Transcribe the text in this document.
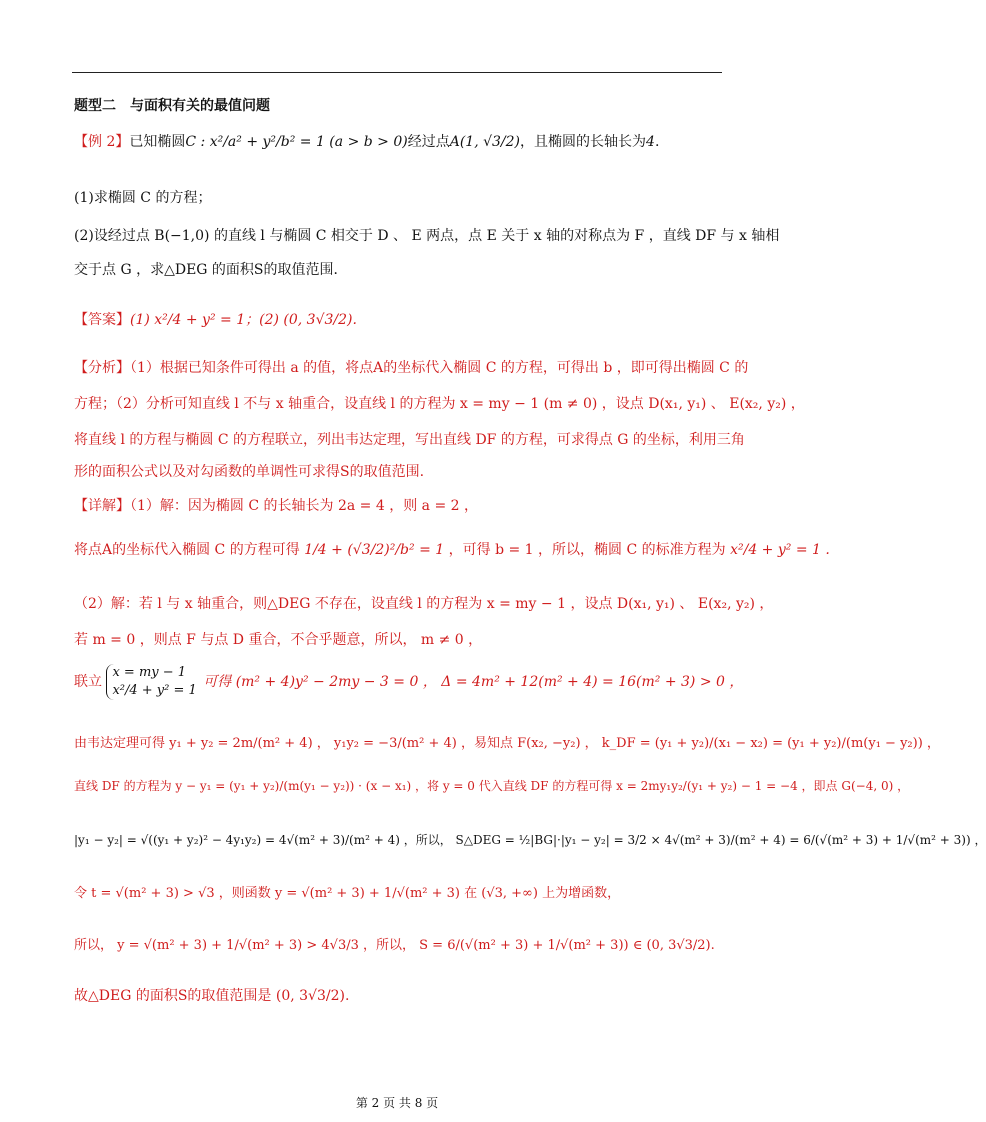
题型二　与面积有关的最值问题
【例 2】已知椭圆C : x²/a² + y²/b² = 1 (a > b > 0)经过点A(1, √3/2)，且椭圆的长轴长为4.
(1)求椭圆 C 的方程；
(2)设经过点 B(−1,0) 的直线 l 与椭圆 C 相交于 D 、 E 两点，点 E 关于 x 轴的对称点为 F ，直线 DF 与 x 轴相
交于点 G ，求△DEG 的面积S的取值范围．
【答案】(1) x²/4 + y² = 1；(2) (0, 3√3/2).
【分析】（1）根据已知条件可得出 a 的值，将点A的坐标代入椭圆 C 的方程，可得出 b ，即可得出椭圆 C 的
方程；（2）分析可知直线 l 不与 x 轴重合，设直线 l 的方程为 x = my − 1 (m ≠ 0) ，设点 D(x₁, y₁) 、 E(x₂, y₂) ，
将直线 l 的方程与椭圆 C 的方程联立，列出韦达定理，写出直线 DF 的方程，可求得点 G 的坐标，利用三角
形的面积公式以及对勾函数的单调性可求得S的取值范围.
【详解】（1）解：因为椭圆 C 的长轴长为 2a = 4 ，则 a = 2 ，
将点A的坐标代入椭圆 C 的方程可得 1/4 + (√3/2)²/b² = 1 ，可得 b = 1 ，所以，椭圆 C 的标准方程为 x²/4 + y² = 1 .
（2）解：若 l 与 x 轴重合，则△DEG 不存在，设直线 l 的方程为 x = my − 1 ，设点 D(x₁, y₁) 、 E(x₂, y₂) ，
若 m = 0 ，则点 F 与点 D 重合，不合乎题意，所以， m ≠ 0 ，
联立
x = my − 1
x²/4 + y² = 1
可得 (m² + 4)y² − 2my − 3 = 0 ， Δ = 4m² + 12(m² + 4) = 16(m² + 3) > 0 ，
由韦达定理可得 y₁ + y₂ = 2m/(m² + 4) ， y₁y₂ = −3/(m² + 4) ，易知点 F(x₂, −y₂) ， k_DF = (y₁ + y₂)/(x₁ − x₂) = (y₁ + y₂)/(m(y₁ − y₂)) ，
直线 DF 的方程为 y − y₁ = (y₁ + y₂)/(m(y₁ − y₂)) · (x − x₁) ，将 y = 0 代入直线 DF 的方程可得 x = 2my₁y₂/(y₁ + y₂) − 1 = −4 ，即点 G(−4, 0) ，
|y₁ − y₂| = √((y₁ + y₂)² − 4y₁y₂) = 4√(m² + 3)/(m² + 4) ，所以， S△DEG = ½|BG|·|y₁ − y₂| = 3/2 × 4√(m² + 3)/(m² + 4) = 6/(√(m² + 3) + 1/√(m² + 3)) ，
令 t = √(m² + 3) > √3 ，则函数 y = √(m² + 3) + 1/√(m² + 3) 在 (√3, +∞) 上为增函数，
所以， y = √(m² + 3) + 1/√(m² + 3) > 4√3/3 ，所以， S = 6/(√(m² + 3) + 1/√(m² + 3)) ∈ (0, 3√3/2).
故△DEG 的面积S的取值范围是 (0, 3√3/2).
第 2 页 共 8 页
